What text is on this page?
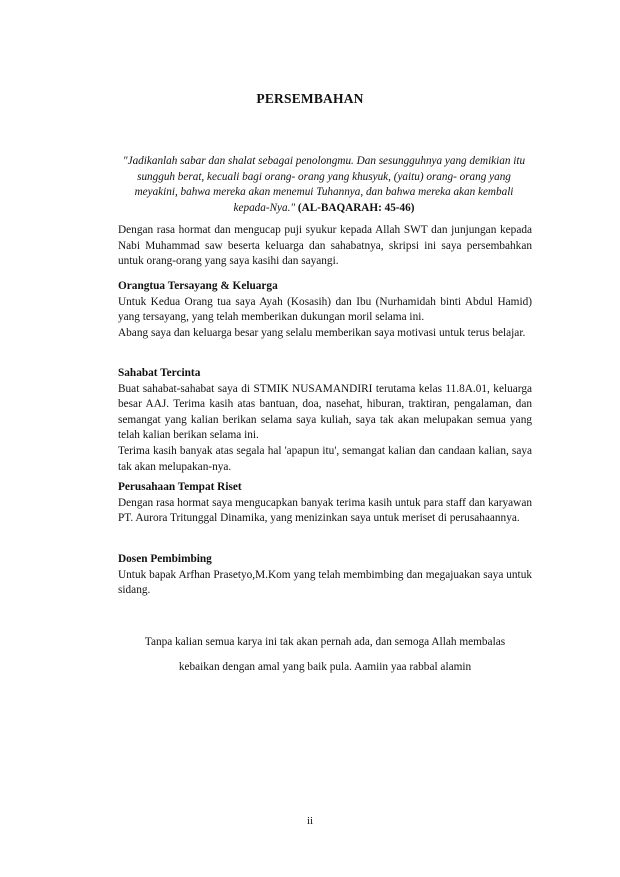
PERSEMBAHAN
"Jadikanlah sabar dan shalat sebagai penolongmu. Dan sesungguhnya yang demikian itu sungguh berat, kecuali bagi orang- orang yang khusyuk, (yaitu) orang- orang yang meyakini, bahwa mereka akan menemui Tuhannya, dan bahwa mereka akan kembali kepada-Nya." (AL-BAQARAH: 45-46)
Dengan rasa hormat dan mengucap puji syukur kepada Allah SWT dan junjungan kepada Nabi Muhammad saw beserta keluarga dan sahabatnya, skripsi ini saya persembahkan untuk orang-orang yang saya kasihi dan sayangi.
Orangtua Tersayang & Keluarga
Untuk Kedua Orang tua saya Ayah (Kosasih) dan Ibu (Nurhamidah binti Abdul Hamid) yang tersayang, yang telah memberikan dukungan moril selama ini.
Abang saya dan keluarga besar yang selalu memberikan saya motivasi untuk terus belajar.
Sahabat Tercinta
Buat sahabat-sahabat saya di STMIK NUSAMANDIRI terutama kelas 11.8A.01, keluarga besar AAJ. Terima kasih atas bantuan, doa, nasehat, hiburan, traktiran, pengalaman, dan semangat yang kalian berikan selama saya kuliah, saya tak akan melupakan semua yang telah kalian berikan selama ini.
Terima kasih banyak atas segala hal 'apapun itu', semangat kalian dan candaan kalian, saya tak akan melupakan-nya.
Perusahaan Tempat Riset
Dengan rasa hormat saya mengucapkan banyak terima kasih untuk para staff dan karyawan PT. Aurora Tritunggal Dinamika, yang menizinkan saya untuk meriset di perusahaannya.
Dosen Pembimbing
Untuk bapak Arfhan Prasetyo,M.Kom yang telah membimbing dan megajuakan saya untuk sidang.
Tanpa kalian semua karya ini tak akan pernah ada, dan semoga Allah membalas
kebaikan dengan amal yang baik pula. Aamiin yaa rabbal alamin
ii
